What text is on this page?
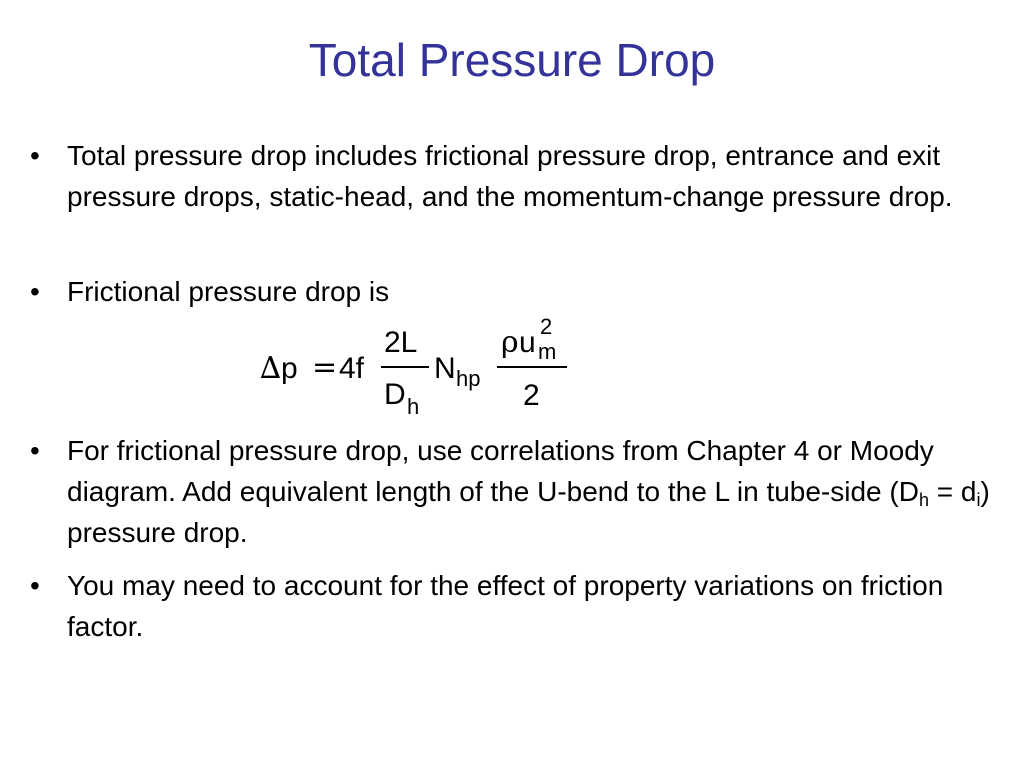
Total Pressure Drop
• Total pressure drop includes frictional pressure drop, entrance and exit pressure drops, static-head, and the momentum-change pressure drop.
• Frictional pressure drop is
∆ p = 4f
2L
D h
N hp
ρ u 2
m
2
• For frictional pressure drop, use correlations from Chapter 4 or Moody diagram. Add equivalent length of the U-bend to the L in tube-side $(D_h = d_i)$ pressure drop.
• You may need to account for the effect of property variations on friction factor.
